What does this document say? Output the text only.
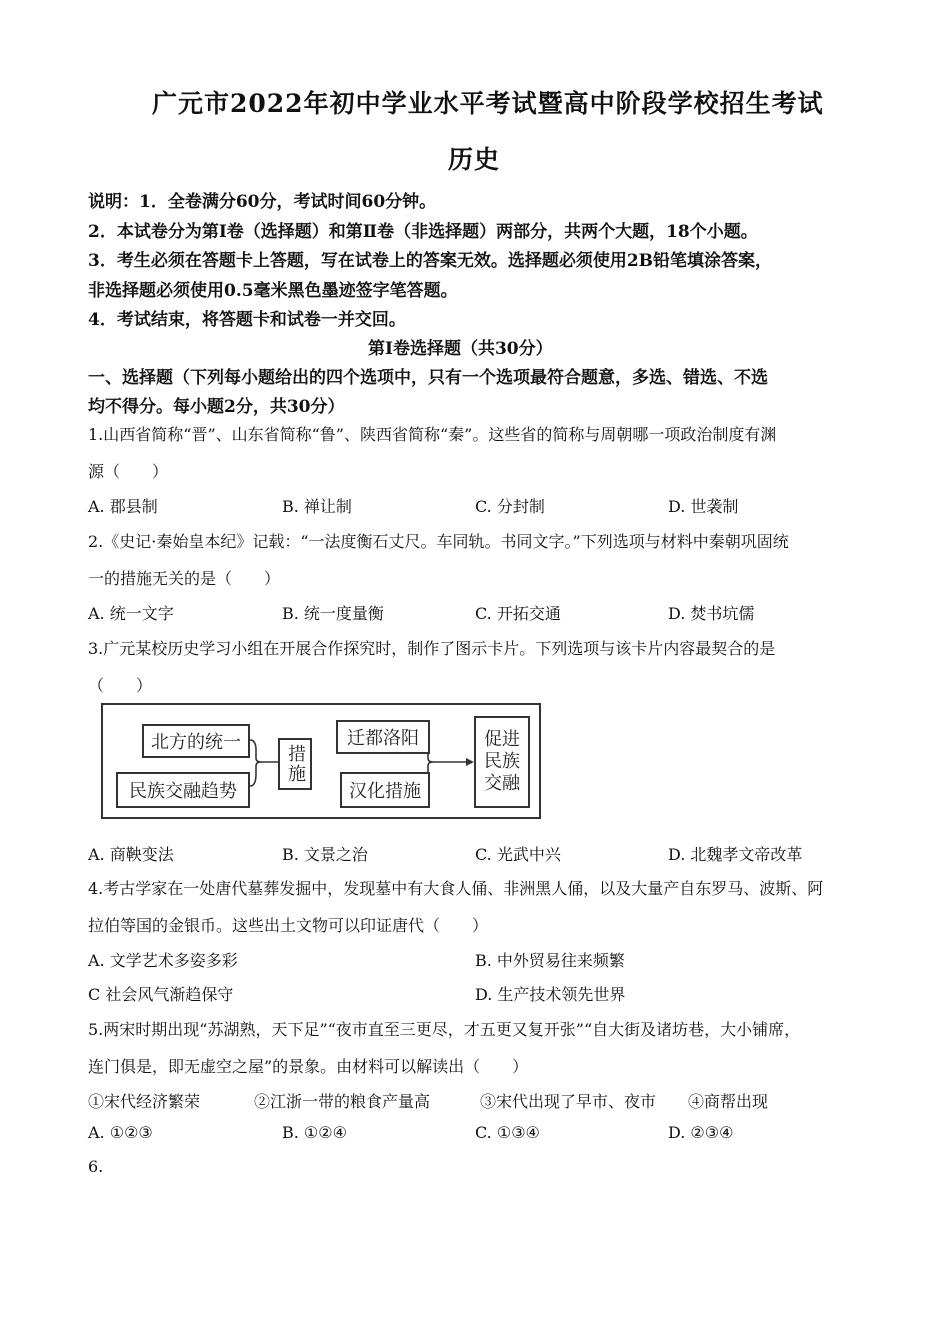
广元市2022年初中学业水平考试暨高中阶段学校招生考试
历史
说明：1．全卷满分60分，考试时间60分钟。
2．本试卷分为第Ⅰ卷（选择题）和第Ⅱ卷（非选择题）两部分，共两个大题，18个小题。
3．考生必须在答题卡上答题，写在试卷上的答案无效。选择题必须使用2B铅笔填涂答案，
非选择题必须使用0.5毫米黑色墨迹签字笔答题。
4．考试结束，将答题卡和试卷一并交回。
第Ⅰ卷选择题（共30分）
一、选择题（下列每小题给出的四个选项中，只有一个选项最符合题意，多选、错选、不选
均不得分。每小题2分，共30分）
1.山西省简称“晋”、山东省简称“鲁”、陕西省简称“秦”。这些省的简称与周朝哪一项政治制度有渊
源（　　）
A. 郡县制	B. 禅让制	C. 分封制	D. 世袭制
2.《史记·秦始皇本纪》记载：“一法度衡石丈尺。车同轨。书同文字。”下列选项与材料中秦朝巩固统
一的措施无关的是（　　）
A. 统一文字	B. 统一度量衡	C. 开拓交通	D. 焚书坑儒
3.广元某校历史学习小组在开展合作探究时，制作了图示卡片。下列选项与该卡片内容最契合的是
（　　）
北方的统一
民族交融趋势
措施
迁都洛阳
汉化措施
促进民族交融
A. 商鞅变法	B. 文景之治	C. 光武中兴	D. 北魏孝文帝改革
4.考古学家在一处唐代墓葬发掘中，发现墓中有大食人俑、非洲黑人俑，以及大量产自东罗马、波斯、阿
拉伯等国的金银币。这些出土文物可以印证唐代（　　）
A. 文学艺术多姿多彩	B. 中外贸易往来频繁
C 社会风气渐趋保守	D. 生产技术领先世界
5.两宋时期出现“苏湖熟，天下足”“夜市直至三更尽，才五更又复开张”“自大街及诸坊巷，大小铺席，
连门俱是，即无虚空之屋”的景象。由材料可以解读出（　　）
①宋代经济繁荣	②江浙一带的粮食产量高	③宋代出现了早市、夜市 ④商帮出现
A. ①②③	B. ①②④	C. ①③④	D. ②③④
6.
